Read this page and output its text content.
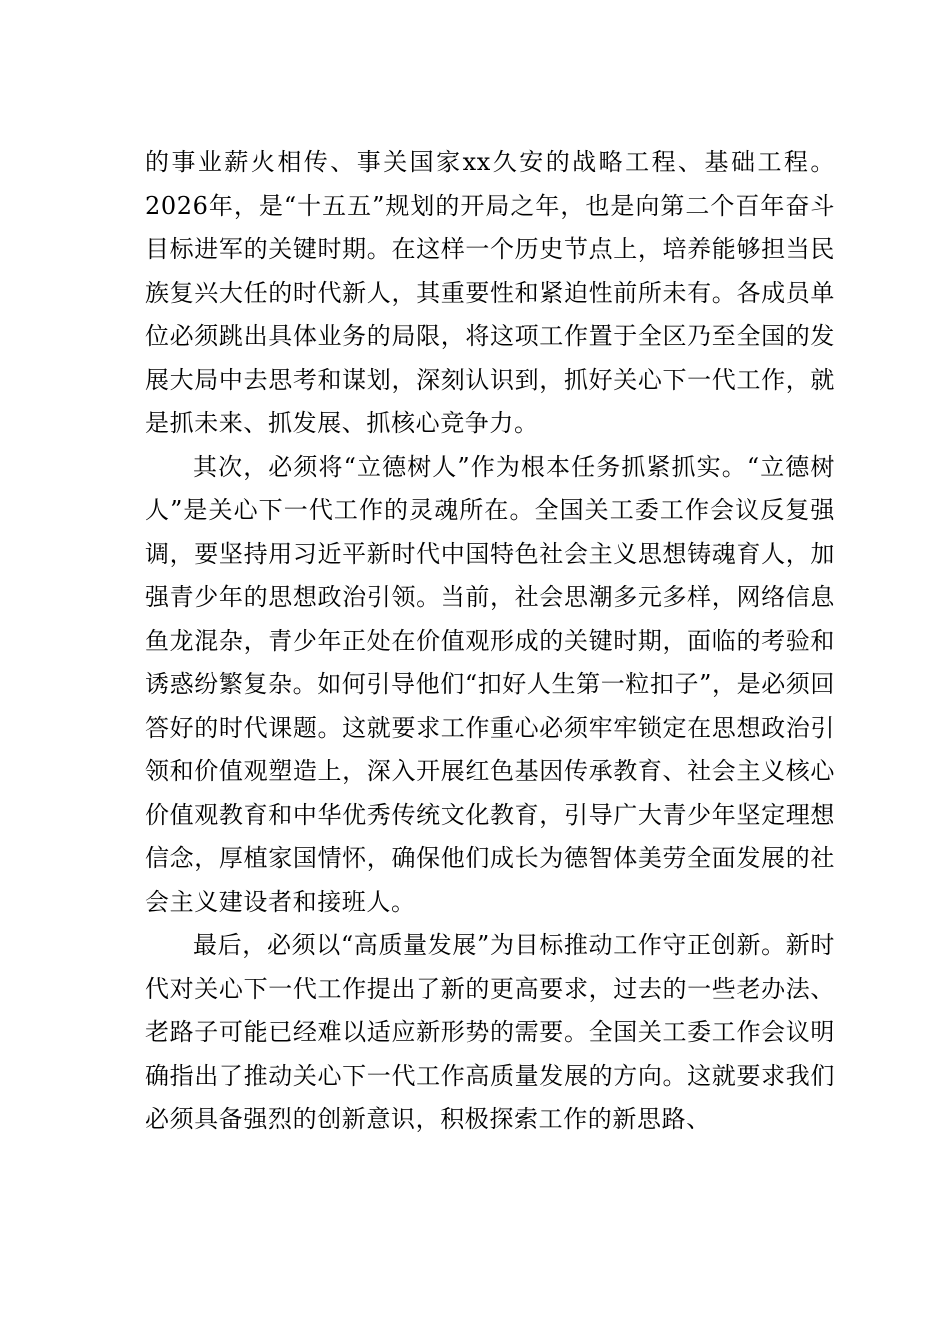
的事业薪火相传、事关国家xx久安的战略工程、基础工程。2026年，是“十五五”规划的开局之年，也是向第二个百年奋斗目标进军的关键时期。在这样一个历史节点上，培养能够担当民族复兴大任的时代新人，其重要性和紧迫性前所未有。各成员单位必须跳出具体业务的局限，将这项工作置于全区乃至全国的发展大局中去思考和谋划，深刻认识到，抓好关心下一代工作，就是抓未来、抓发展、抓核心竞争力。

其次，必须将“立德树人”作为根本任务抓紧抓实。“立德树人”是关心下一代工作的灵魂所在。全国关工委工作会议反复强调，要坚持用习近平新时代中国特色社会主义思想铸魂育人，加强青少年的思想政治引领。当前，社会思潮多元多样，网络信息鱼龙混杂，青少年正处在价值观形成的关键时期，面临的考验和诱惑纷繁复杂。如何引导他们“扣好人生第一粒扣子”，是必须回答好的时代课题。这就要求工作重心必须牢牢锁定在思想政治引领和价值观塑造上，深入开展红色基因传承教育、社会主义核心价值观教育和中华优秀传统文化教育，引导广大青少年坚定理想信念，厚植家国情怀，确保他们成长为德智体美劳全面发展的社会主义建设者和接班人。

最后，必须以“高质量发展”为目标推动工作守正创新。新时代对关心下一代工作提出了新的更高要求，过去的一些老办法、老路子可能已经难以适应新形势的需要。全国关工委工作会议明确指出了推动关心下一代工作高质量发展的方向。这就要求我们必须具备强烈的创新意识，积极探索工作的新思路、
